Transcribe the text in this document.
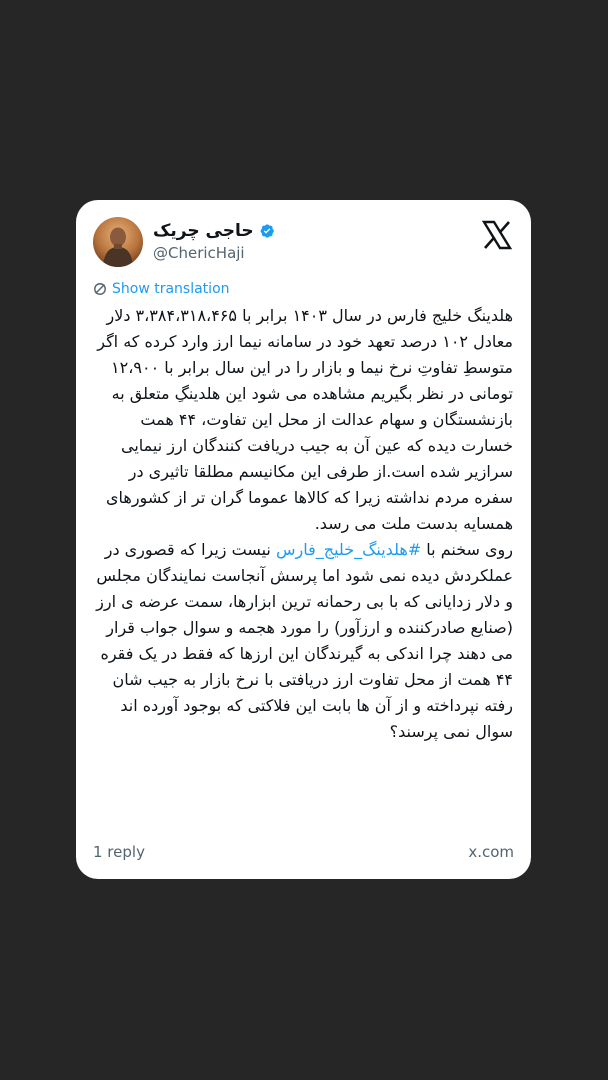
حاجی چریک
@ChericHaji
Show translation

هلدینگ خلیج فارس در سال ۱۴۰۳ برابر با ۳،۳۸۴،۳۱۸،۴۶۵ دلار معادل ۱۰۲ درصد تعهد خود در سامانه نیما ارز وارد کرده که اگر متوسطِ تفاوتِ نرخ نیما و بازار را در این سال برابر با ۱۲،۹۰۰ تومانی در نظر بگیریم مشاهده می شود این هلدینگِ متعلق به بازنشستگان و سهام عدالت از محل این تفاوت، ۴۴ همت خسارت دیده که عین آن به جیب دریافت کنندگان ارز نیمایی سرازیر شده است.از طرفی این مکانیسم مطلقا تاثیری در سفره مردم نداشته زیرا که کالاها عموما گران تر از کشورهای همسایه بدست ملت می رسد.

روی سخنم با #هلدینگ_خلیج_فارس نیست زیرا که قصوری در عملکردش دیده نمی شود اما پرسش آنجاست نمایندگان مجلس و دلار زدایانی که با بی رحمانه ترین ابزارها، سمت عرضه ی ارز (صنایع صادرکننده و ارزآور) را مورد هجمه و سوال جواب قرار می دهند چرا اندکی به گیرندگان این ارزها که فقط در یک فقره ۴۴ همت از محل تفاوت ارز دریافتی با نرخ بازار به جیب شان رفته نپرداخته و از آن ها بابت این فلاکتی که بوجود آورده اند سوال نمی پرسند؟

1 reply	x.com
